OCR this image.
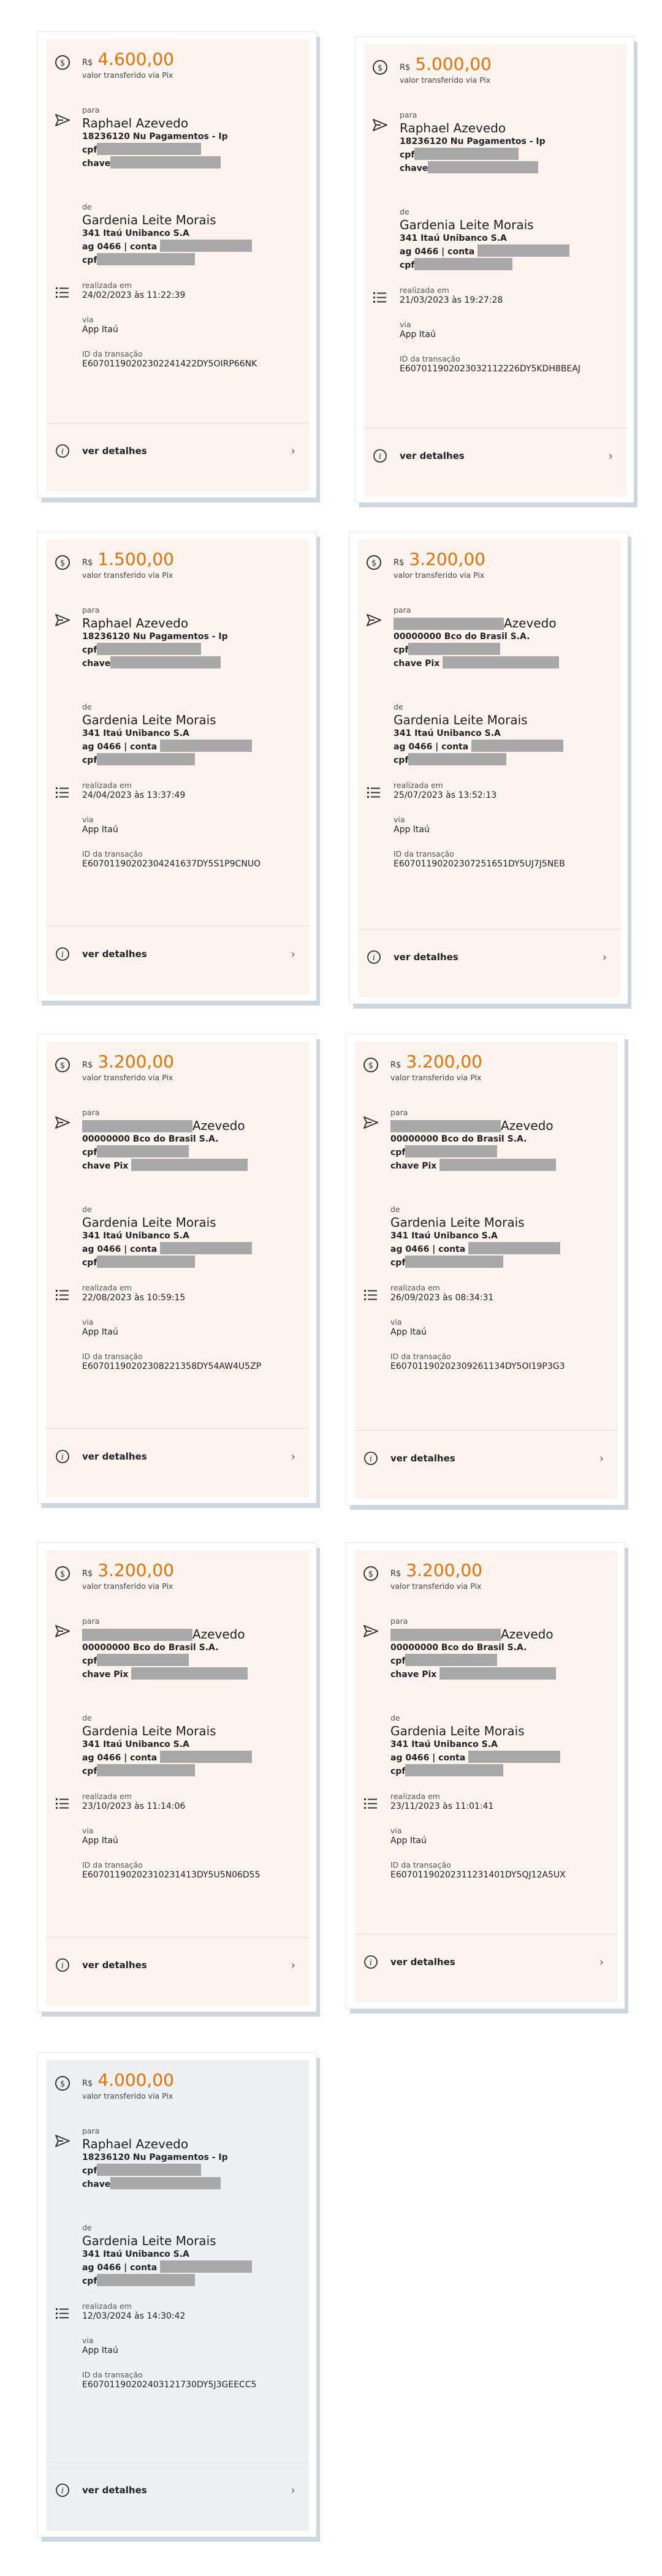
$ R$ 4.600,00
valor transferido via Pix
para
Raphael Azevedo
18236120 Nu Pagamentos - Ip
cpf
chave
de
Gardenia Leite Morais
341 Itaú Unibanco S.A
ag 0466 | conta
cpf
realizada em
24/02/2023 às 11:22:39
via
App Itaú
ID da transação
E60701190202302241422DY5OIRP66NK
i ver detalhes	›
$ R$ 5.000,00
valor transferido via Pix
para
Raphael Azevedo
18236120 Nu Pagamentos - Ip
cpf
chave
de
Gardenia Leite Morais
341 Itaú Unibanco S.A
ag 0466 | conta
cpf
realizada em
21/03/2023 às 19:27:28
via
App Itaú
ID da transação
E607011902023032112226DY5KDH8BEAJ
i ver detalhes	›
$ R$ 1.500,00
valor transferido via Pix
para
Raphael Azevedo
18236120 Nu Pagamentos - Ip
cpf
chave
de
Gardenia Leite Morais
341 Itaú Unibanco S.A
ag 0466 | conta
cpf
realizada em
24/04/2023 às 13:37:49
via
App Itaú
ID da transação
E60701190202304241637DY5S1P9CNUO
i ver detalhes	›
$ R$ 3.200,00
valor transferido via Pix
para
Azevedo
00000000 Bco do Brasil S.A.
cpf
chave Pix
de
Gardenia Leite Morais
341 Itaú Unibanco S.A
ag 0466 | conta
cpf
realizada em
25/07/2023 às 13:52:13
via
App Itaú
ID da transação
E60701190202307251651DY5UJ7J5NEB
i ver detalhes	›
$ R$ 3.200,00
valor transferido via Pix
para
Azevedo
00000000 Bco do Brasil S.A.
cpf
chave Pix
de
Gardenia Leite Morais
341 Itaú Unibanco S.A
ag 0466 | conta
cpf
realizada em
22/08/2023 às 10:59:15
via
App Itaú
ID da transação
E60701190202308221358DY54AW4U5ZP
i ver detalhes	›
$ R$ 3.200,00
valor transferido via Pix
para
Azevedo
00000000 Bco do Brasil S.A.
cpf
chave Pix
de
Gardenia Leite Morais
341 Itaú Unibanco S.A
ag 0466 | conta
cpf
realizada em
26/09/2023 às 08:34:31
via
App Itaú
ID da transação
E60701190202309261134DY5OI19P3G3
i ver detalhes	›
$ R$ 3.200,00
valor transferido via Pix
para
Azevedo
00000000 Bco do Brasil S.A.
cpf
chave Pix
de
Gardenia Leite Morais
341 Itaú Unibanco S.A
ag 0466 | conta
cpf
realizada em
23/10/2023 às 11:14:06
via
App Itaú
ID da transação
E60701190202310231413DY5U5N06D55
i ver detalhes	›
$ R$ 3.200,00
valor transferido via Pix
para
Azevedo
00000000 Bco do Brasil S.A.
cpf
chave Pix
de
Gardenia Leite Morais
341 Itaú Unibanco S.A
ag 0466 | conta
cpf
realizada em
23/11/2023 às 11:01:41
via
App Itaú
ID da transação
E60701190202311231401DY5QJ12A5UX
i ver detalhes	›
$ R$ 4.000,00
valor transferido via Pix
para
Raphael Azevedo
18236120 Nu Pagamentos - Ip
cpf
chave
de
Gardenia Leite Morais
341 Itaú Unibanco S.A
ag 0466 | conta
cpf
realizada em
12/03/2024 às 14:30:42
via
App Itaú
ID da transação
E60701190202403121730DY5J3GEECC5
i ver detalhes	›
